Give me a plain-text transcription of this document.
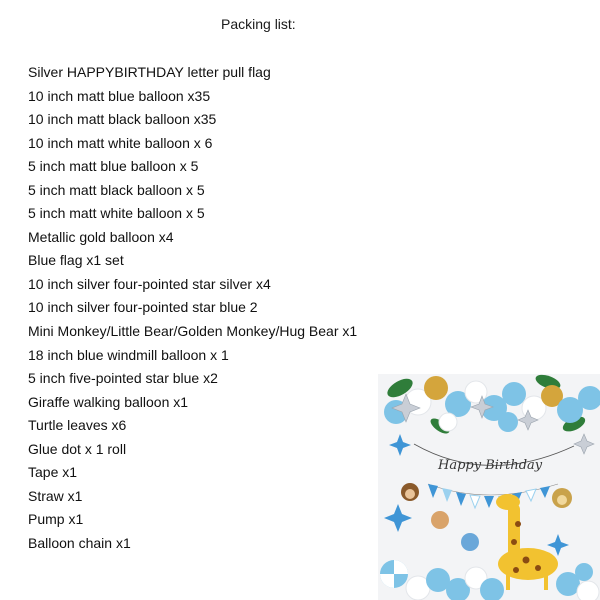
Packing list:
Silver HAPPYBIRTHDAY letter pull flag
10 inch matt blue balloon x35
10 inch matt black balloon x35
10 inch matt white balloon x 6
5 inch matt blue balloon x 5
5 inch matt black balloon x 5
5 inch matt white balloon x 5
Metallic gold balloon x4
Blue flag x1 set
10 inch silver four-pointed star silver x4
10 inch silver four-pointed star blue 2
Mini Monkey/Little Bear/Golden Monkey/Hug Bear x1
18 inch blue windmill balloon x 1
5 inch five-pointed star blue x2
Giraffe walking balloon x1
Turtle leaves x6
Glue dot x 1 roll
Tape x1
Straw x1
Pump x1
Balloon chain x1
Happy Birthday
